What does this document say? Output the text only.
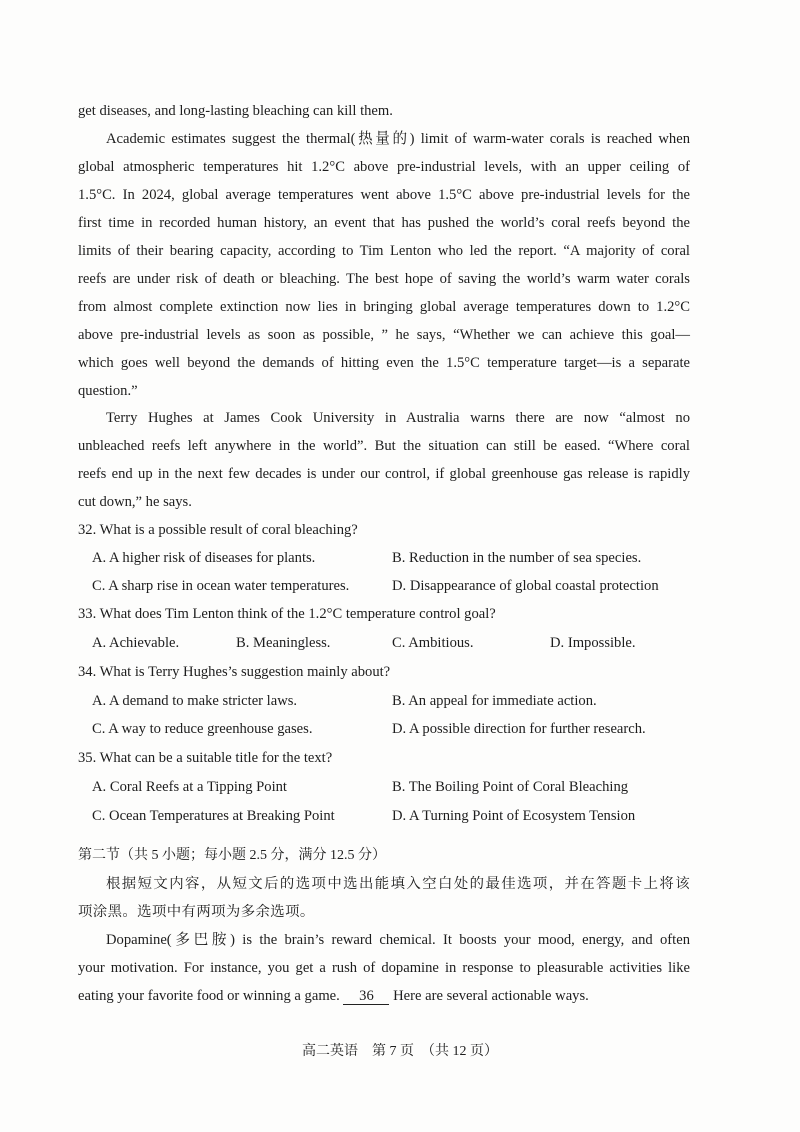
get diseases, and long-lasting bleaching can kill them.
Academic estimates suggest the thermal(热量的) limit of warm-water corals is reached when
global atmospheric temperatures hit 1.2°C above pre-industrial levels, with an upper ceiling of
1.5°C. In 2024, global average temperatures went above 1.5°C above pre-industrial levels for the
first time in recorded human history, an event that has pushed the world’s coral reefs beyond the
limits of their bearing capacity, according to Tim Lenton who led the report. “A majority of coral
reefs are under risk of death or bleaching. The best hope of saving the world’s warm water corals
from almost complete extinction now lies in bringing global average temperatures down to 1.2°C
above pre-industrial levels as soon as possible, ” he says, “Whether we can achieve this goal—
which goes well beyond the demands of hitting even the 1.5°C temperature target—is a separate
question.”
Terry Hughes at James Cook University in Australia warns there are now “almost no
unbleached reefs left anywhere in the world”. But the situation can still be eased. “Where coral
reefs end up in the next few decades is under our control, if global greenhouse gas release is rapidly
cut down,” he says.
32. What is a possible result of coral bleaching?
A. A higher risk of diseases for plants.	B. Reduction in the number of sea species.
C. A sharp rise in ocean water temperatures.	D. Disappearance of global coastal protection
33. What does Tim Lenton think of the 1.2°C temperature control goal?
A. Achievable.	B. Meaningless.	C. Ambitious.	D. Impossible.
34. What is Terry Hughes’s suggestion mainly about?
A. A demand to make stricter laws.	B. An appeal for immediate action.
C. A way to reduce greenhouse gases.	D. A possible direction for further research.
35. What can be a suitable title for the text?
A. Coral Reefs at a Tipping Point	B. The Boiling Point of Coral Bleaching
C. Ocean Temperatures at Breaking Point	D. A Turning Point of Ecosystem Tension
第二节（共 5 小题；每小题 2.5 分，满分 12.5 分）
根据短文内容，从短文后的选项中选出能填入空白处的最佳选项，并在答题卡上将该
项涂黑。选项中有两项为多余选项。
Dopamine(多巴胺) is the brain’s reward chemical. It boosts your mood, energy, and often
your motivation. For instance, you get a rush of dopamine in response to pleasurable activities like
eating your favorite food or winning a game. 36 Here are several actionable ways.
高二英语　第 7 页　（共 12 页）
